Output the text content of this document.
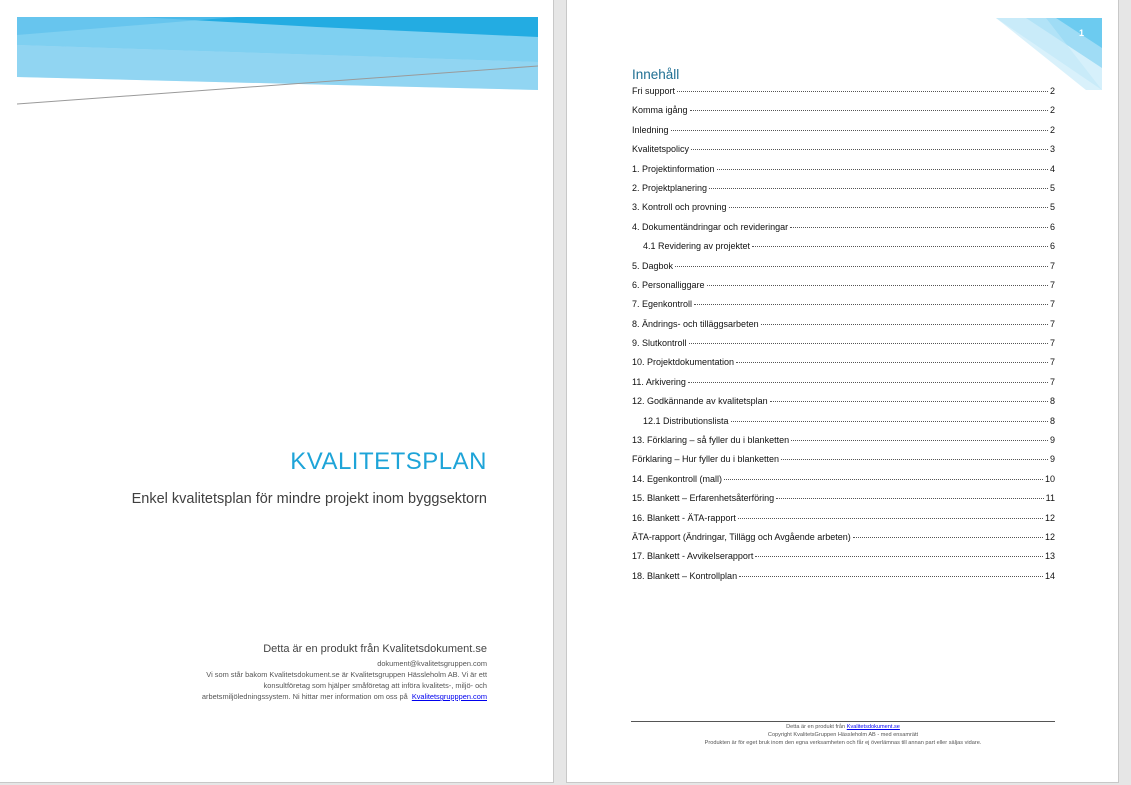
KVALITETSPLAN
Enkel kvalitetsplan för mindre projekt inom byggsektorn
Detta är en produkt från Kvalitetsdokument.se
dokument@kvalitetsgruppen.com
Vi som står bakom Kvalitetsdokument.se är Kvalitetsgruppen Hässleholm AB. Vi är ett
konsultföretag som hjälper småföretag att införa kvalitets-, miljö- och
arbetsmiljöledningssystem. Ni hittar mer information om oss på Kvalitetsgrupppen.com
1
Innehåll
Fri support	2
Komma igång	2
Inledning	2
Kvalitetspolicy	3
1. Projektinformation	4
2. Projektplanering	5
3. Kontroll och provning	5
4. Dokumentändringar och revideringar	6
4.1 Revidering av projektet	6
5. Dagbok	7
6. Personalliggare	7
7. Egenkontroll	7
8. Ändrings- och tilläggsarbeten	7
9. Slutkontroll	7
10. Projektdokumentation	7
11. Arkivering	7
12. Godkännande av kvalitetsplan	8
12.1 Distributionslista	8
13. Förklaring – så fyller du i blanketten	9
Förklaring – Hur fyller du i blanketten	9
14. Egenkontroll (mall)	10
15. Blankett – Erfarenhetsåterföring	11
16. Blankett - ÄTA-rapport	12
ÄTA-rapport (Ändringar, Tillägg och Avgående arbeten)	12
17. Blankett - Avvikelserapport	13
18. Blankett – Kontrollplan	14
Detta är en produkt från Kvalitetsdokument.se
Copyright KvalitetsGruppen Hässleholm AB - med ensamrätt
Produkten är för eget bruk inom den egna verksamheten och får ej överlämnas till annan part eller säljas vidare.
